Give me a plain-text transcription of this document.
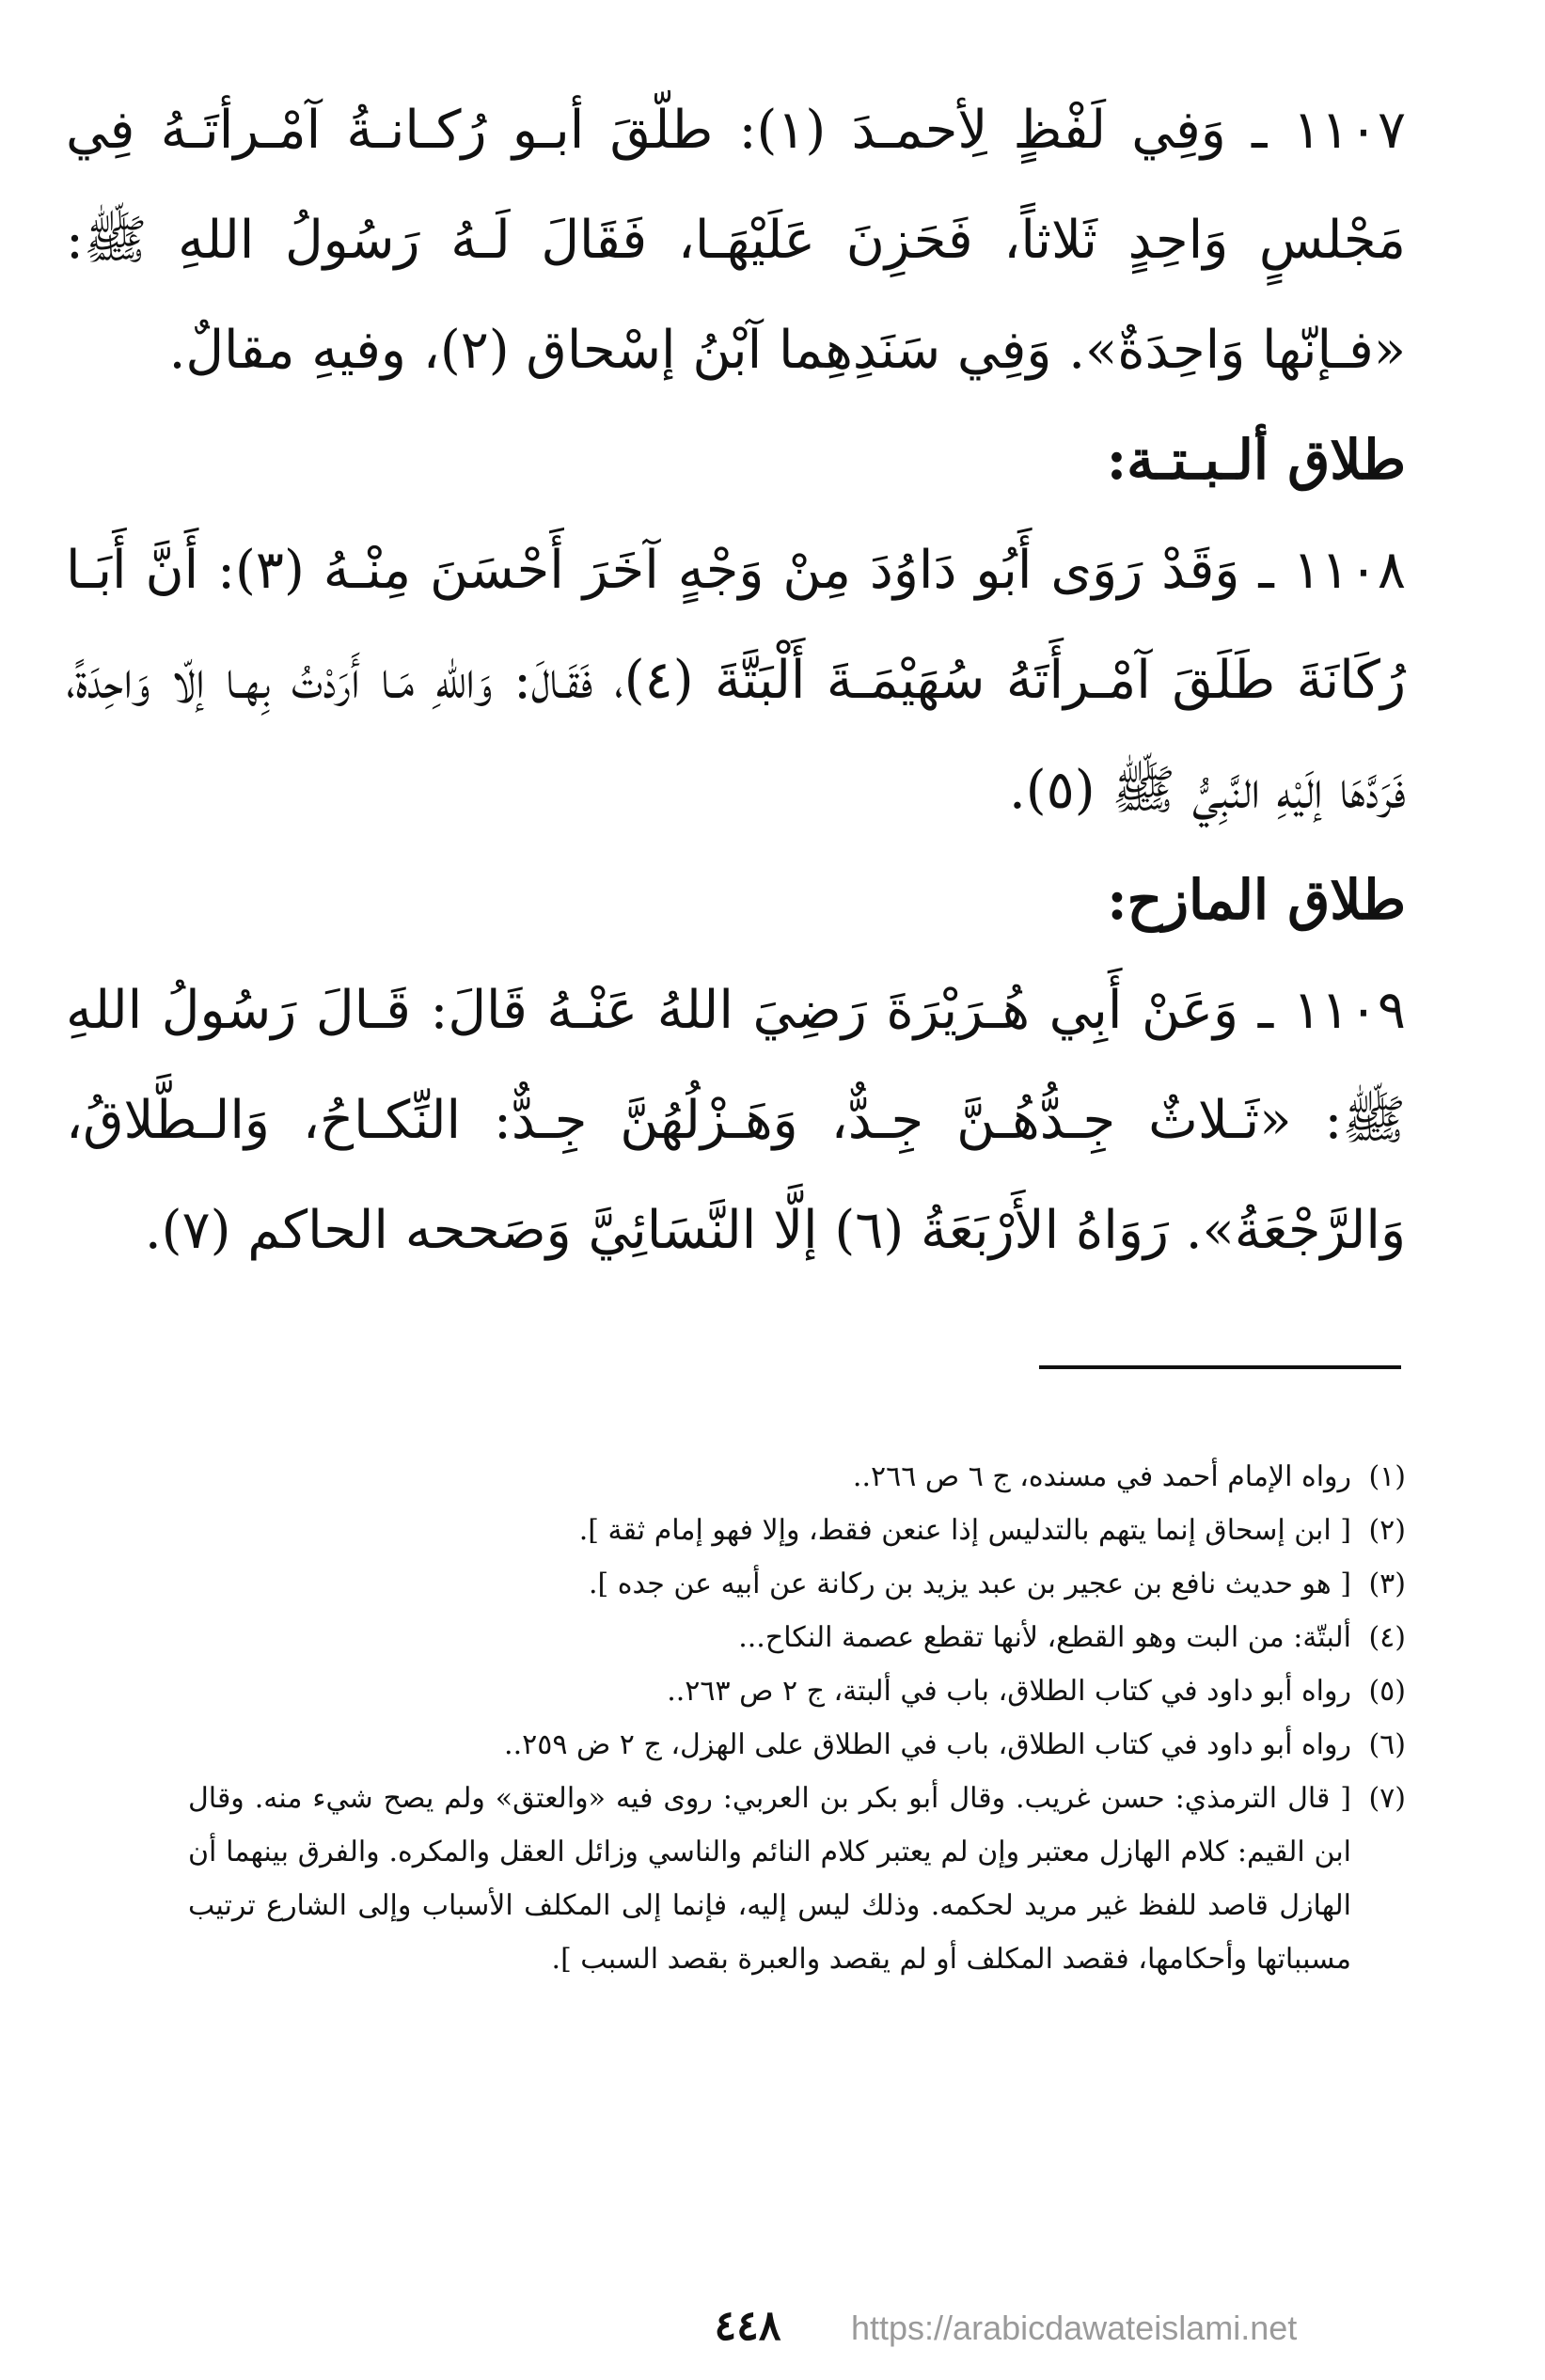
١١٠٧ ـ وَفِي لَفْظٍ لِأحمـدَ (١): طلّقَ أبـو رُكـانـةُ آمْـرأتَـهُ فِي مَجْلسٍ وَاحِدٍ ثَلاثاً، فَحَزِنَ عَلَيْهَـا، فَقَالَ لَـهُ رَسُولُ اللهِ ﷺ: «فـإنّها وَاحِدَةٌ». وَفِي سَنَدِهِما آبْنُ إسْحاق (٢)، وفيهِ مقالٌ.

طلاق ألـبـتـة:

١١٠٨ ـ وَقَدْ رَوَى أَبُو دَاوُدَ مِنْ وَجْهٍ آخَرَ أَحْسَنَ مِنْـهُ (٣): أَنَّ أَبَـا رُكَانَةَ طَلَقَ آمْـرأَتَهُ سُهَيْمَـةَ أَلْبَتَّةَ (٤)، فَقَـالَ: وَاللهِ مَـا أَرَدْتُ بِهـا إلّا وَاحِدَةً، فَرَدَّهَا إلَيْهِ النَّبِيُّ ﷺ (٥).

طلاق المازح:

١١٠٩ ـ وَعَنْ أَبِي هُـرَيْرَةَ رَضِيَ اللهُ عَنْـهُ قَالَ: قَـالَ رَسُولُ اللهِ ﷺ: «ثَـلاثٌ جِـدُّهُـنَّ جِـدٌّ، وَهَـزْلُهُنَّ جِـدٌّ: النِّكـاحُ، وَالـطَّلاقُ، وَالرَّجْعَةُ». رَوَاهُ الأَرْبَعَةُ (٦) إلَّا النَّسَائِيَّ وَصَححه الحاكم (٧).

(١)
رواه الإمام أحمد في مسنده، ج ٦ ص ٢٦٦..
(٢)
[ ابن إسحاق إنما يتهم بالتدليس إذا عنعن فقط، وإلا فهو إمام ثقة ].
(٣)
[ هو حديث نافع بن عجير بن عبد يزيد بن ركانة عن أبيه عن جده ].
(٤)
ألبتّة: من البت وهو القطع، لأنها تقطع عصمة النكاح...
(٥)
رواه أبو داود في كتاب الطلاق، باب في ألبتة، ج ٢ ص ٢٦٣..
(٦)
رواه أبو داود في كتاب الطلاق، باب في الطلاق على الهزل، ج ٢ ض ٢٥٩..
(٧)
[ قال الترمذي: حسن غريب. وقال أبو بكر بن العربي: روى فيه «والعتق» ولم يصح شيء منه. وقال ابن القيم: كلام الهازل معتبر وإن لم يعتبر كلام النائم والناسي وزائل العقل والمكره. والفرق بينهما أن الهازل قاصد للفظ غير مريد لحكمه. وذلك ليس إليه، فإنما إلى المكلف الأسباب وإلى الشارع ترتيب مسبباتها وأحكامها، فقصد المكلف أو لم يقصد والعبرة بقصد السبب ].
٤٤٨	https://arabicdawateislami.net
